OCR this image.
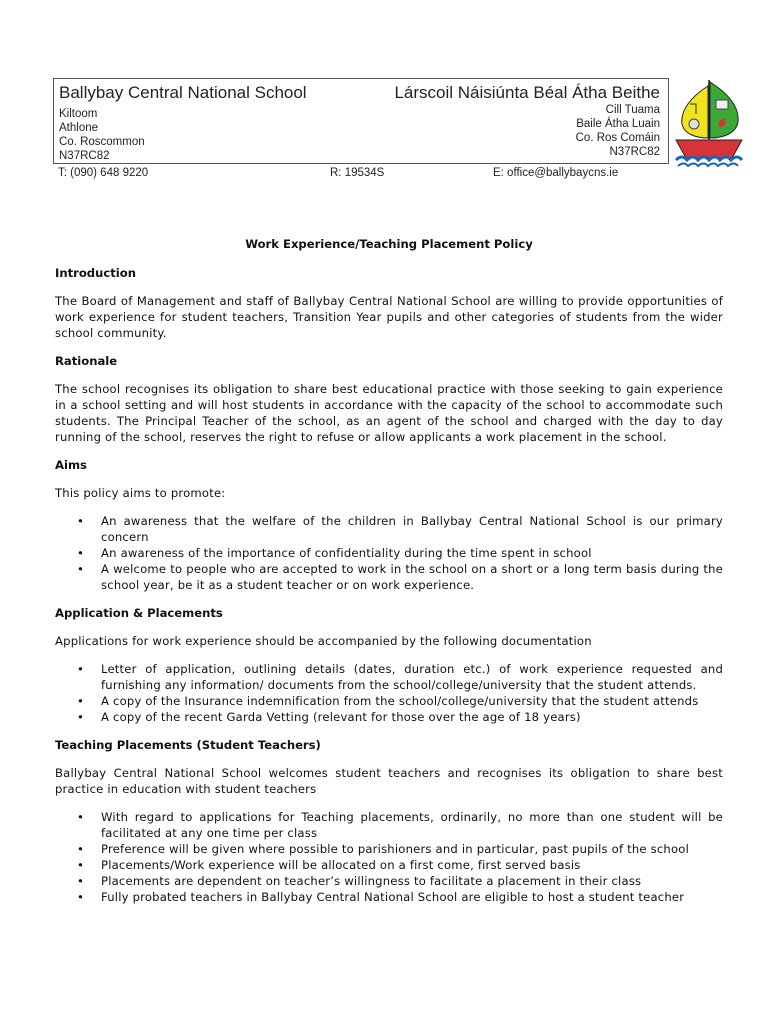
Ballybay Central National School	Lárscoil Náisiúnta Béal Átha Beithe
Kiltoom
Athlone
Co. Roscommon
N37RC82
Cill Tuama
Baile Átha Luain
Co. Ros Comáin
N37RC82
T: (090) 648 9220	R: 19534S	E: office@ballybaycns.ie
Work Experience/Teaching Placement Policy
Introduction

The Board of Management and staff of Ballybay Central National School are willing to provide opportunities of work experience for student teachers, Transition Year pupils and other categories of students from the wider school community.

Rationale

The school recognises its obligation to share best educational practice with those seeking to gain experience in a school setting and will host students in accordance with the capacity of the school to accommodate such students. The Principal Teacher of the school, as an agent of the school and charged with the day to day running of the school, reserves the right to refuse or allow applicants a work placement in the school.

Aims

This policy aims to promote:

• An awareness that the welfare of the children in Ballybay Central National School is our primary concern
• An awareness of the importance of confidentiality during the time spent in school
• A welcome to people who are accepted to work in the school on a short or a long term basis during the school year, be it as a student teacher or on work experience.
Application & Placements

Applications for work experience should be accompanied by the following documentation

• Letter of application, outlining details (dates, duration etc.) of work experience requested and furnishing any information/ documents from the school/college/university that the student attends.
• A copy of the Insurance indemnification from the school/college/university that the student attends
• A copy of the recent Garda Vetting (relevant for those over the age of 18 years)
Teaching Placements (Student Teachers)

Ballybay Central National School welcomes student teachers and recognises its obligation to share best practice in education with student teachers

• With regard to applications for Teaching placements, ordinarily, no more than one student will be facilitated at any one time per class
• Preference will be given where possible to parishioners and in particular, past pupils of the school
• Placements/Work experience will be allocated on a first come, first served basis
• Placements are dependent on teacher’s willingness to facilitate a placement in their class
• Fully probated teachers in Ballybay Central National School are eligible to host a student teacher
